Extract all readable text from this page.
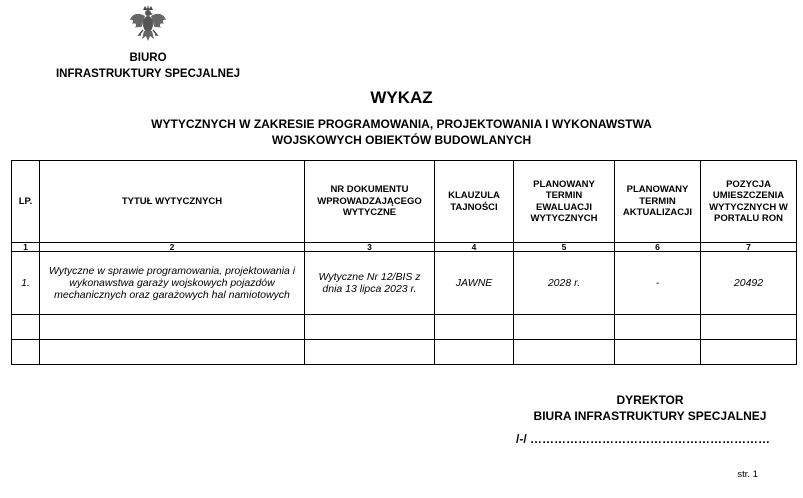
BIURO
INFRASTRUKTURY SPECJALNEJ
WYKAZ
WYTYCZNYCH W ZAKRESIE PROGRAMOWANIA, PROJEKTOWANIA I WYKONAWSTWA
WOJSKOWYCH OBIEKTÓW BUDOWLANYCH
LP.	TYTUŁ WYTYCZNYCH	NR DOKUMENTU WPROWADZAJĄCEGO WYTYCZNE	KLAUZULA TAJNOŚCI	PLANOWANY TERMIN EWALUACJI WYTYCZNYCH	PLANOWANY TERMIN AKTUALIZACJI	POZYCJA UMIESZCZENIA WYTYCZNYCH W PORTALU RON
1	2	3	4	5	6	7
1.	Wytyczne w sprawie programowania, projektowania i wykonawstwa garaży wojskowych pojazdów mechanicznych oraz garażowych hal namiotowych	Wytyczne Nr 12/BIS z dnia 13 lipca 2023 r.	JAWNE	2028 r.	-	20492

DYREKTOR
BIURA INFRASTRUKTURY SPECJALNEJ
/-/ ……………………………………………………
str. 1
